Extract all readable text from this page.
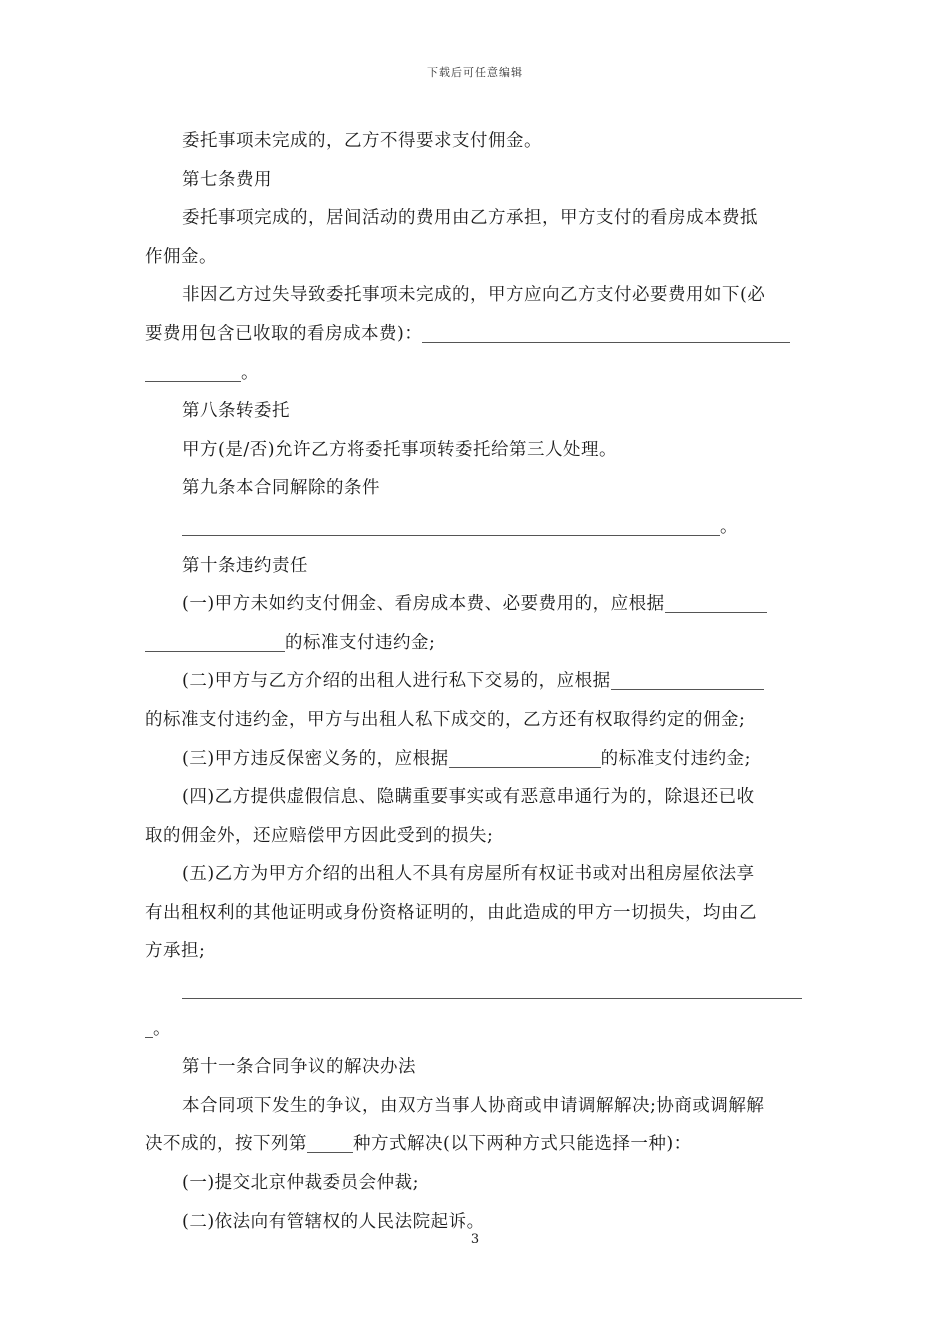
下载后可任意编辑
委托事项未完成的，乙方不得要求支付佣金。
第七条费用
委托事项完成的，居间活动的费用由乙方承担，甲方支付的看房成本费抵
作佣金。
非因乙方过失导致委托事项未完成的，甲方应向乙方支付必要费用如下(必
要费用包含已收取的看房成本费)：
。
第八条转委托
甲方(是/否)允许乙方将委托事项转委托给第三人处理。
第九条本合同解除的条件
。
第十条违约责任
(一)甲方未如约支付佣金、看房成本费、必要费用的，应根据
的标准支付违约金;
(二)甲方与乙方介绍的出租人进行私下交易的，应根据
的标准支付违约金，甲方与出租人私下成交的，乙方还有权取得约定的佣金;
(三)甲方违反保密义务的，应根据	的标准支付违约金;
(四)乙方提供虚假信息、隐瞒重要事实或有恶意串通行为的，除退还已收
取的佣金外，还应赔偿甲方因此受到的损失;
(五)乙方为甲方介绍的出租人不具有房屋所有权证书或对出租房屋依法享
有出租权利的其他证明或身份资格证明的，由此造成的甲方一切损失，均由乙
方承担;
。
第十一条合同争议的解决办法
本合同项下发生的争议，由双方当事人协商或申请调解解决;协商或调解解
决不成的，按下列第	种方式解决(以下两种方式只能选择一种)：
(一)提交北京仲裁委员会仲裁;
(二)依法向有管辖权的人民法院起诉。
3
